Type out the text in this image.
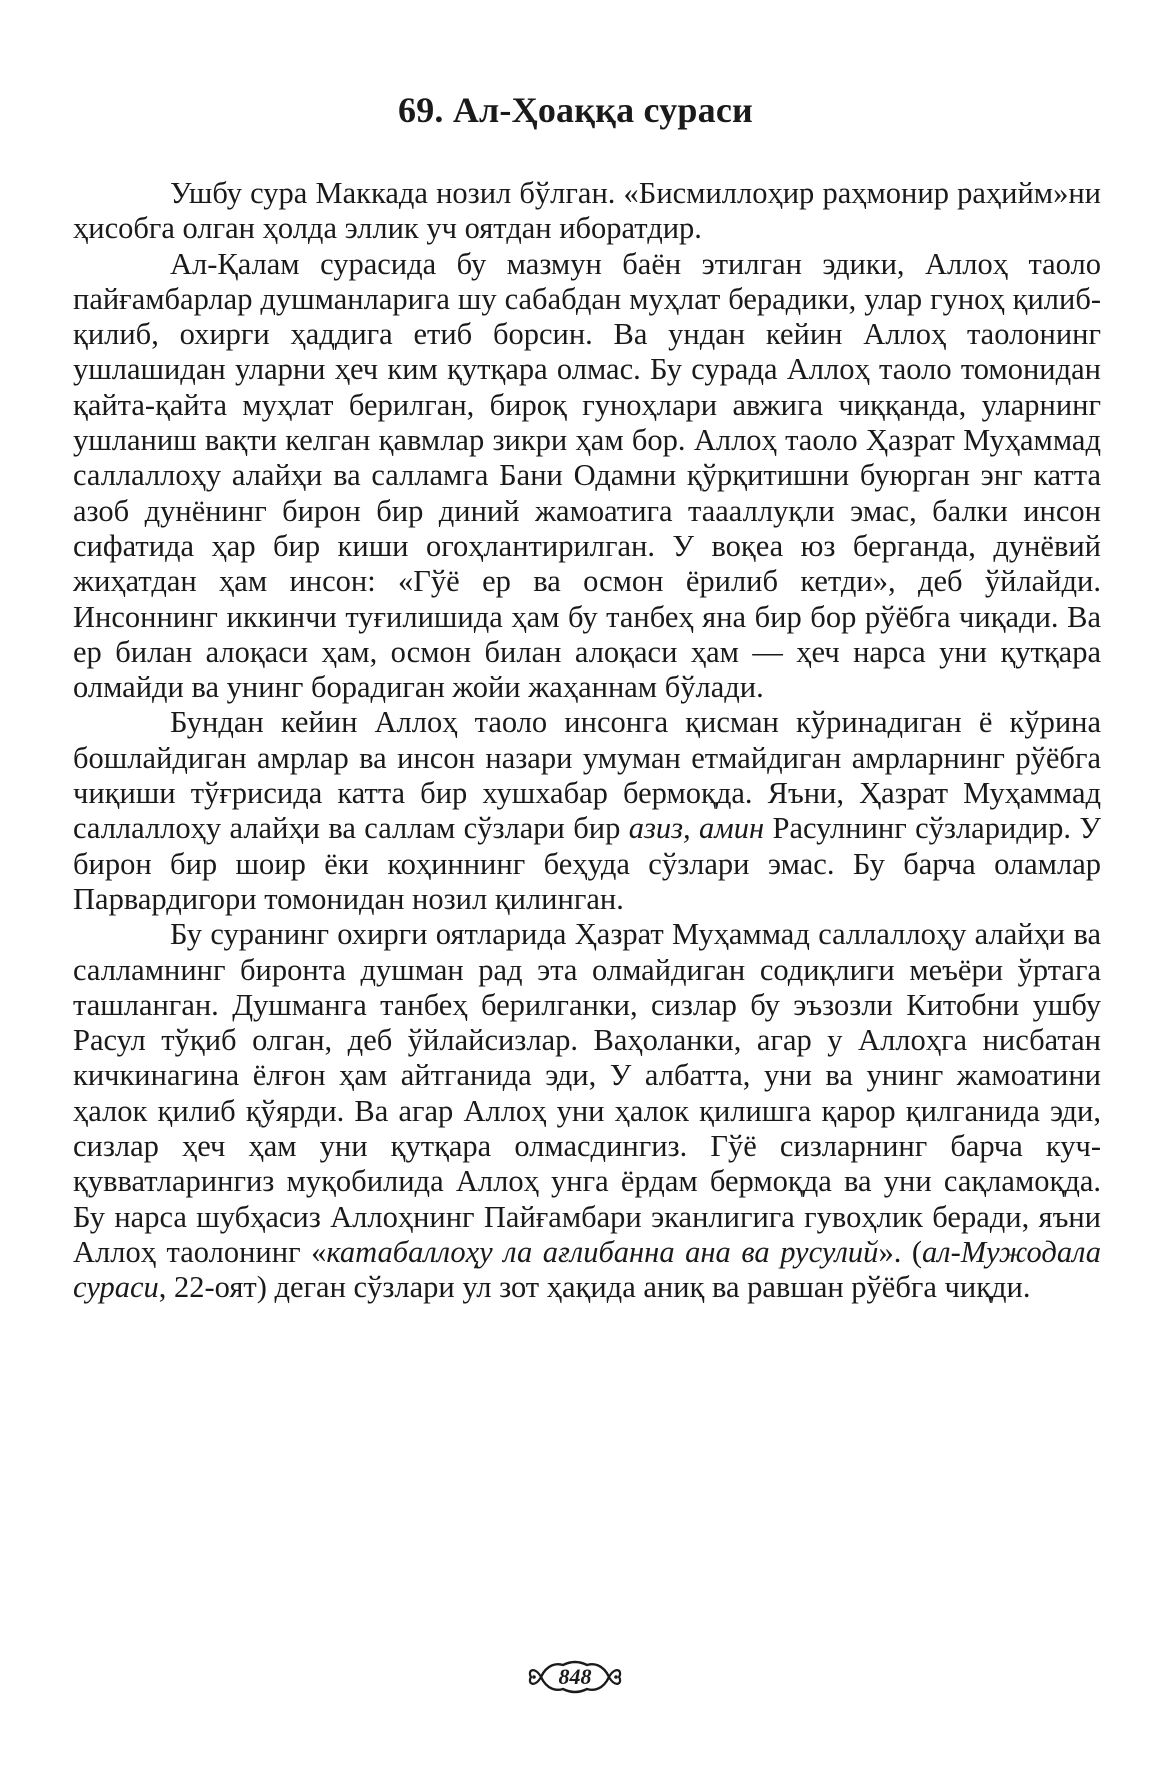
69. Ал-Ҳоаққа сураси

Ушбу сура Маккада нозил бўлган. «Бисмиллоҳир раҳмонир раҳийм»ни ҳисобга олган ҳолда эллик уч оятдан иборатдир.

Ал-Қалам сурасида бу мазмун баён этилган эдики, Аллоҳ таоло пайғамбарлар душманларига шу сабабдан муҳлат берадики, улар гуноҳ қилиб-қилиб, охирги ҳаддига етиб борсин. Ва ундан кейин Аллоҳ таолонинг ушлашидан уларни ҳеч ким қутқара олмас. Бу сурада Аллоҳ таоло томонидан қайта-қайта муҳлат берилган, бироқ гуноҳлари авжига чиққанда, уларнинг ушланиш вақти келган қавмлар зикри ҳам бор. Аллоҳ таоло Ҳазрат Муҳаммад саллаллоҳу алайҳи ва салламга Бани Одамни қўрқитишни буюрган энг катта азоб дунёнинг бирон бир диний жамоатига таааллуқли эмас, балки инсон сифатида ҳар бир киши огоҳлантирилган. У воқеа юз берганда, дунёвий жиҳатдан ҳам инсон: «Гўё ер ва осмон ёрилиб кетди», деб ўйлайди. Инсоннинг иккинчи туғилишида ҳам бу танбеҳ яна бир бор рўёбга чиқади. Ва ер билан алоқаси ҳам, осмон билан алоқаси ҳам — ҳеч нарса уни қутқара олмайди ва унинг борадиган жойи жаҳаннам бўлади.

Бундан кейин Аллоҳ таоло инсонга қисман кўринадиган ё кўрина бошлайдиган амрлар ва инсон назари умуман етмайдиган амрларнинг рўёбга чиқиши тўғрисида катта бир хушхабар бермоқда. Яъни, Ҳазрат Муҳаммад саллаллоҳу алайҳи ва саллам сўзлари бир азиз, амин Расулнинг сўзларидир. У бирон бир шоир ёки коҳиннинг беҳуда сўзлари эмас. Бу барча оламлар Парвардигори томонидан нозил қилинган.

Бу суранинг охирги оятларида Ҳазрат Муҳаммад саллаллоҳу алайҳи ва салламнинг биронта душман рад эта олмайдиган содиқлиги меъёри ўртага ташланган. Душманга танбеҳ берилганки, сизлар бу эъзозли Китобни ушбу Расул тўқиб олган, деб ўйлайсизлар. Ваҳоланки, агар у Аллоҳга нисбатан кичкинагина ёлғон ҳам айтганида эди, У албатта, уни ва унинг жамоатини ҳалок қилиб қўярди. Ва агар Аллоҳ уни ҳалок қилишга қарор қилганида эди, сизлар ҳеч ҳам уни қутқара олмасдингиз. Гўё сизларнинг барча куч-қувватларингиз муқобилида Аллоҳ унга ёрдам бермоқда ва уни сақламоқда. Бу нарса шубҳасиз Аллоҳнинг Пайғамбари эканлигига гувоҳлик беради, яъни Аллоҳ таолонинг «катабаллоҳу ла ағлибанна ана ва русулий». (ал-Мужодала сураси, 22-оят) деган сўзлари ул зот ҳақида аниқ ва равшан рўёбга чиқди.

848
